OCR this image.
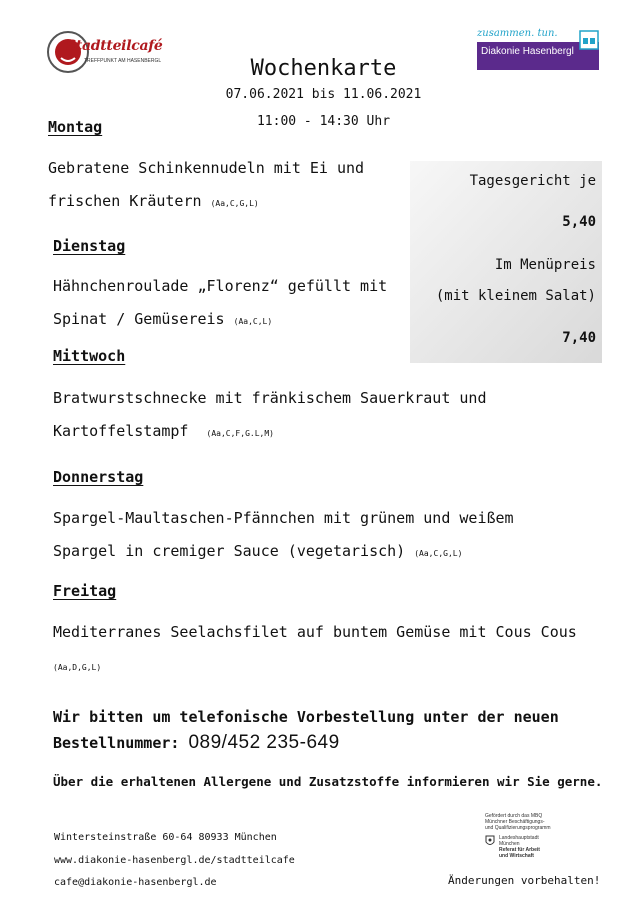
Stadtteilcafé
TREFFPUNKT AM HASENBERGL
zusammen. tun.
Diakonie Hasenbergl
Wochenkarte
07.06.2021 bis 11.06.2021
11:00 - 14:30 Uhr
Montag
Gebratene Schinkennudeln mit Ei und
frischen Kräutern (Aa,C,G,L)
Dienstag
Hähnchenroulade „Florenz“ gefüllt mit
Spinat / Gemüsereis (Aa,C,L)
Mittwoch
Bratwurstschnecke mit fränkischem Sauerkraut und
Kartoffelstampf (Aa,C,F,G.L,M)
Donnerstag
Spargel-Maultaschen-Pfännchen mit grünem und weißem
Spargel in cremiger Sauce (vegetarisch) (Aa,C,G,L)
Freitag
Mediterranes Seelachsfilet auf buntem Gemüse mit Cous Cous
(Aa,D,G,L)
Tagesgericht je
5,40
Im Menüpreis
(mit kleinem Salat)
7,40
Wir bitten um telefonische Vorbestellung unter der neuen
Bestellnummer: 089/452 235-649
Über die erhaltenen Allergene und Zusatzstoffe informieren wir Sie gerne.
Wintersteinstraße 60-64 80933 München
www.diakonie-hasenbergl.de/stadtteilcafe
cafe@diakonie-hasenbergl.de
Gefördert durch das MBQ
Münchner Beschäftigungs-
und Qualifizierungsprogramm
Landeshauptstadt
München
Referat für Arbeit
und Wirtschaft
Änderungen vorbehalten!
